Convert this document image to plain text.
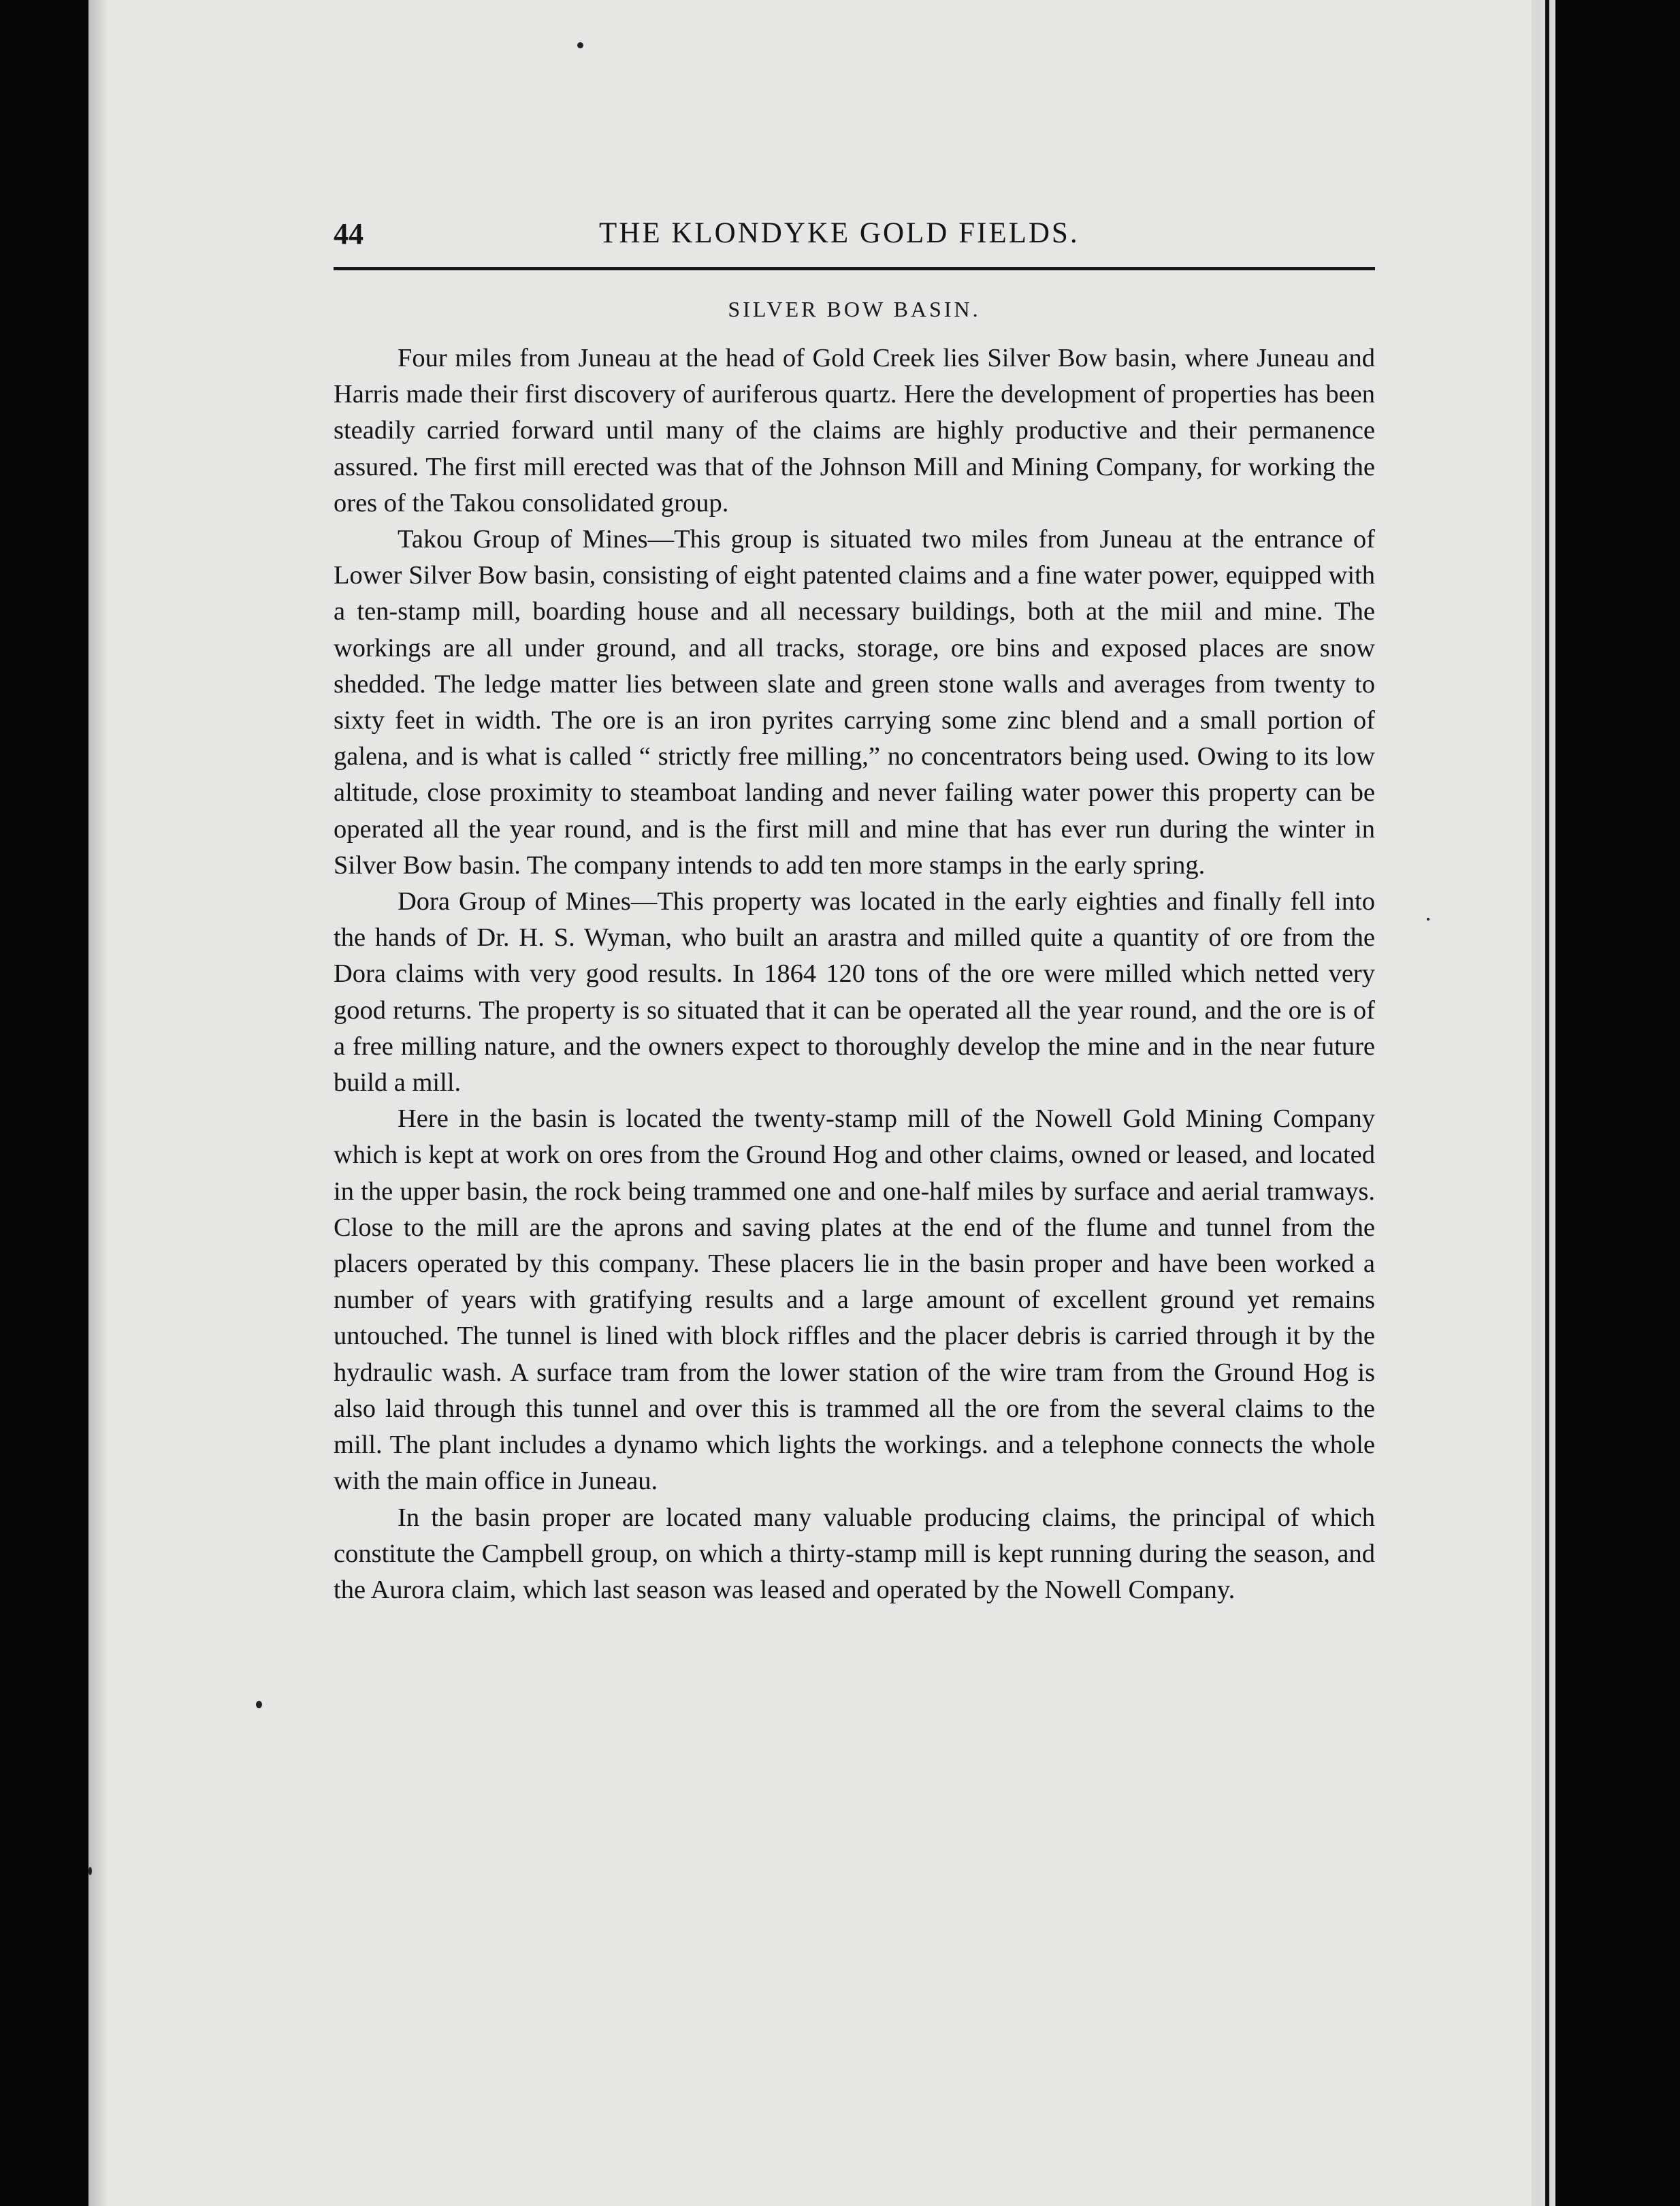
44	THE KLONDYKE GOLD FIELDS.
SILVER BOW BASIN.

Four miles from Juneau at the head of Gold Creek lies Silver Bow basin, where Juneau and Harris made their first discovery of auriferous quartz. Here the development of properties has been steadily carried forward until many of the claims are highly productive and their permanence assured. The first mill erected was that of the Johnson Mill and Mining Company, for working the ores of the Takou consolidated group.

Takou Group of Mines—This group is situated two miles from Juneau at the entrance of Lower Silver Bow basin, consisting of eight patented claims and a fine water power, equipped with a ten-stamp mill, boarding house and all necessary buildings, both at the miil and mine. The workings are all under ground, and all tracks, storage, ore bins and exposed places are snow shedded. The ledge matter lies between slate and green stone walls and averages from twenty to sixty feet in width. The ore is an iron pyrites carrying some zinc blend and a small portion of galena, and is what is called “ strictly free milling,” no concentrators being used. Owing to its low altitude, close proximity to steamboat landing and never failing water power this property can be operated all the year round, and is the first mill and mine that has ever run during the winter in Silver Bow basin. The company intends to add ten more stamps in the early spring.

Dora Group of Mines—This property was located in the early eighties and finally fell into the hands of Dr. H. S. Wyman, who built an arastra and milled quite a quantity of ore from the Dora claims with very good results. In 1864 120 tons of the ore were milled which netted very good returns. The property is so situated that it can be operated all the year round, and the ore is of a free milling nature, and the owners expect to thoroughly develop the mine and in the near future build a mill.

Here in the basin is located the twenty-stamp mill of the Nowell Gold Mining Company which is kept at work on ores from the Ground Hog and other claims, owned or leased, and located in the upper basin, the rock being trammed one and one-half miles by surface and aerial tramways. Close to the mill are the aprons and saving plates at the end of the flume and tunnel from the placers operated by this company. These placers lie in the basin proper and have been worked a number of years with gratifying results and a large amount of excellent ground yet remains untouched. The tunnel is lined with block riffles and the placer debris is carried through it by the hydraulic wash. A surface tram from the lower station of the wire tram from the Ground Hog is also laid through this tunnel and over this is trammed all the ore from the several claims to the mill. The plant includes a dynamo which lights the workings. and a telephone connects the whole with the main office in Juneau.

In the basin proper are located many valuable producing claims, the principal of which constitute the Campbell group, on which a thirty-stamp mill is kept running during the season, and the Aurora claim, which last season was leased and operated by the Nowell Company.
